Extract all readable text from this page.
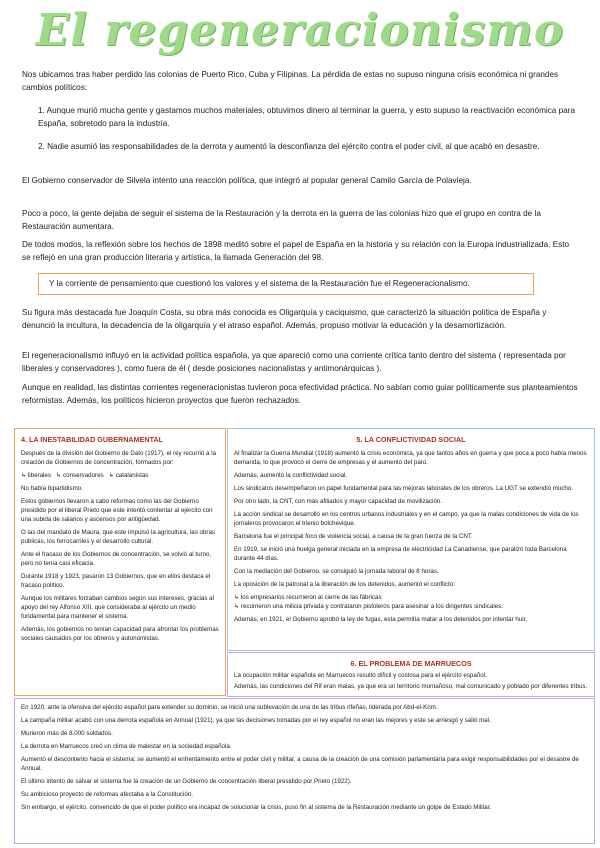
El regeneracionismo
Nos ubicamos tras haber perdido las colonias de Puerto Rico, Cuba y Filipinas. La pérdida de estas no supuso ninguna crisis económica ni grandes cambios políticos:
1. Aunque murió mucha gente y gastamos muchos materiales, obtuvimos dinero al terminar la guerra, y esto supuso la reactivación económica para España, sobretodo para la industria.
2. Nadie asumió las responsabilidades de la derrota y aumentó la desconfianza del ejército contra el poder civil, al que acabó en desastre.
El Gobierno conservador de Silvela intento una reacción política, que integró al popular general Camilo García de Polavieja.
Poco a poco, la gente dejaba de seguir el sistema de la Restauración y la derrota en la guerra de las colonias hizo que el grupo en contra de la Restauración aumentara.
De todos modos, la reflexión sobre los hechos de 1898 meditó sobre el papel de España en la historia y su relación con la Europa industrializada. Esto se reflejó en una gran producción literaria y artística, la llamada Generación del 98.
Y la corriente de pensamiento que cuestionó los valores y el sistema de la Restauración fue el Regeneracionalismo.
Su figura más destacada fue Joaquín Costa, su obra más conocida es Oligarquía y caciquismo, que caracterizó la situación política de España y denunció la incultura, la decadencia de la oligarquía y el atraso español. Además, propuso motivar la educación y la desamortización.
El regeneracionalismo influyó en la actividad política española, ya que apareció como una corriente crítica tanto dentro del sistema ( representada por liberales y conservadores ), como fuera de él ( desde posiciones nacionalistas y antimonárquicas ).
Aunque en realidad, las distintas corrientes regeneracionistas tuvieron poca efectividad práctica. No sabían como guiar políticamente sus planteamientos reformistas. Además, los políticos hicieron proyectos que fueron rechazados.
4. LA INESTABILIDAD GUBERNAMENTAL

Después de la división del Gobierno de Dato (1917), el rey recurrió a la creación de Gobiernos de concentración, formados por:

↳ liberales ↳ conservadores ↳ catalanistas

No había bipartidismo.

Estos gobiernos llevaron a cabo reformas como las del Gobierno presidido por el liberal Prieto que este intentó contentar al ejército con una subida de salarios y ascensos por antigüedad.

O las del mandato de Maura, que este impulsó la agricultura, las obras públicas, los ferrocarriles y el desarrollo cultural.

Ante el fracaso de los Gobiernos de concentración, se volvió al turno, pero no tenía casi eficacia.

Durante 1918 y 1923, pasaron 13 Gobiernos, que en ellos destaca el fracaso político.

Aunque los militares forzaban cambios según sus intereses, gracias al apoyo del rey Alfonso XIII, que consideraba al ejército un medio fundamental para mantener el sistema.

Además, los gobiernos no tenían capacidad para afrontar los problemas sociales causados por los obreros y autonomistas.

5. LA CONFLICTIVIDAD SOCIAL

Al finalizar la Guerra Mundial (1918) aumentó la crisis económica, ya que tantos años en guerra y que poca a poco había menos demanda, lo que provocó el cierre de empresas y el aumento del paro.

Además, aumentó la conflictividad social.

Los sindicatos desempeñaron un papel fundamental para las mejoras laborales de los obreros. La UGT se extendió mucho.

Por otro lado, la CNT, con más afiliados y mayor capacidad de movilización.

La acción sindical se desarrolló en los centros urbanos industriales y en el campo, ya que la malas condiciones de vida de los jornaleros provocaron el trienio bolchevique.

Barcelona fue el principal foco de violencia social, a causa de la gran fuerza de la CNT.

En 1919, se inició una huelga general iniciada en la empresa de electricidad La Canadiense, que paralizó toda Barcelona durante 44 días.

Con la mediación del Gobierno, se consiguió la jornada laboral de 8 horas.

La oposición de la patronal a la liberación de los detenidos, aumentó el conflicto:

↳ los empresarios recurrieron al cierre de las fábricas

↳ recurrieron una milicia privada y contrataron pistoleros para asesinar a los dirigentes sindicales.

Además, en 1921, el Gobierno aprobó la ley de fugas, esta permitía matar a los detenidos por intentar huir.

6. EL PROBLEMA DE MARRUECOS

La ocupación militar española en Marruecos resultó difícil y costosa para el ejército español.

Además, las condiciones del Rif eran malas, ya que era un territorio montañoso, mal comunicado y poblado por diferentes tribus.

En 1920, ante la ofensiva del ejército español para extender su dominio, se inició una sublevación de una de las tribus rifeñas, liderada por Abd-el-Krim.

La campaña militar acabó con una derrota española en Annual (1921), ya que las decisiones tomadas por el rey español no eran las mejores y este se arriesgó y salió mal.

Murieron más de 8.000 soldados.

La derrota en Marruecos creó un clima de malestar en la sociedad española.

Aumentó el descontento hacia el sistema; se aumentó el enfrentamiento entre el poder civil y militar, a causa de la creación de una comisión parlamentaria para exigir responsabilidades por el desastre de Annual.

El último intento de salvar el sistema fue la creación de un Gobierno de concentración liberal presidido por Prieto (1922).

Su ambicioso proyecto de reformas afectaba a la Constitución.

Sin embargo, el ejército, convencido de que el poder político era incapaz de solucionar la crisis, puso fin al sistema de la Restauración mediante un golpe de Estado Militar.
